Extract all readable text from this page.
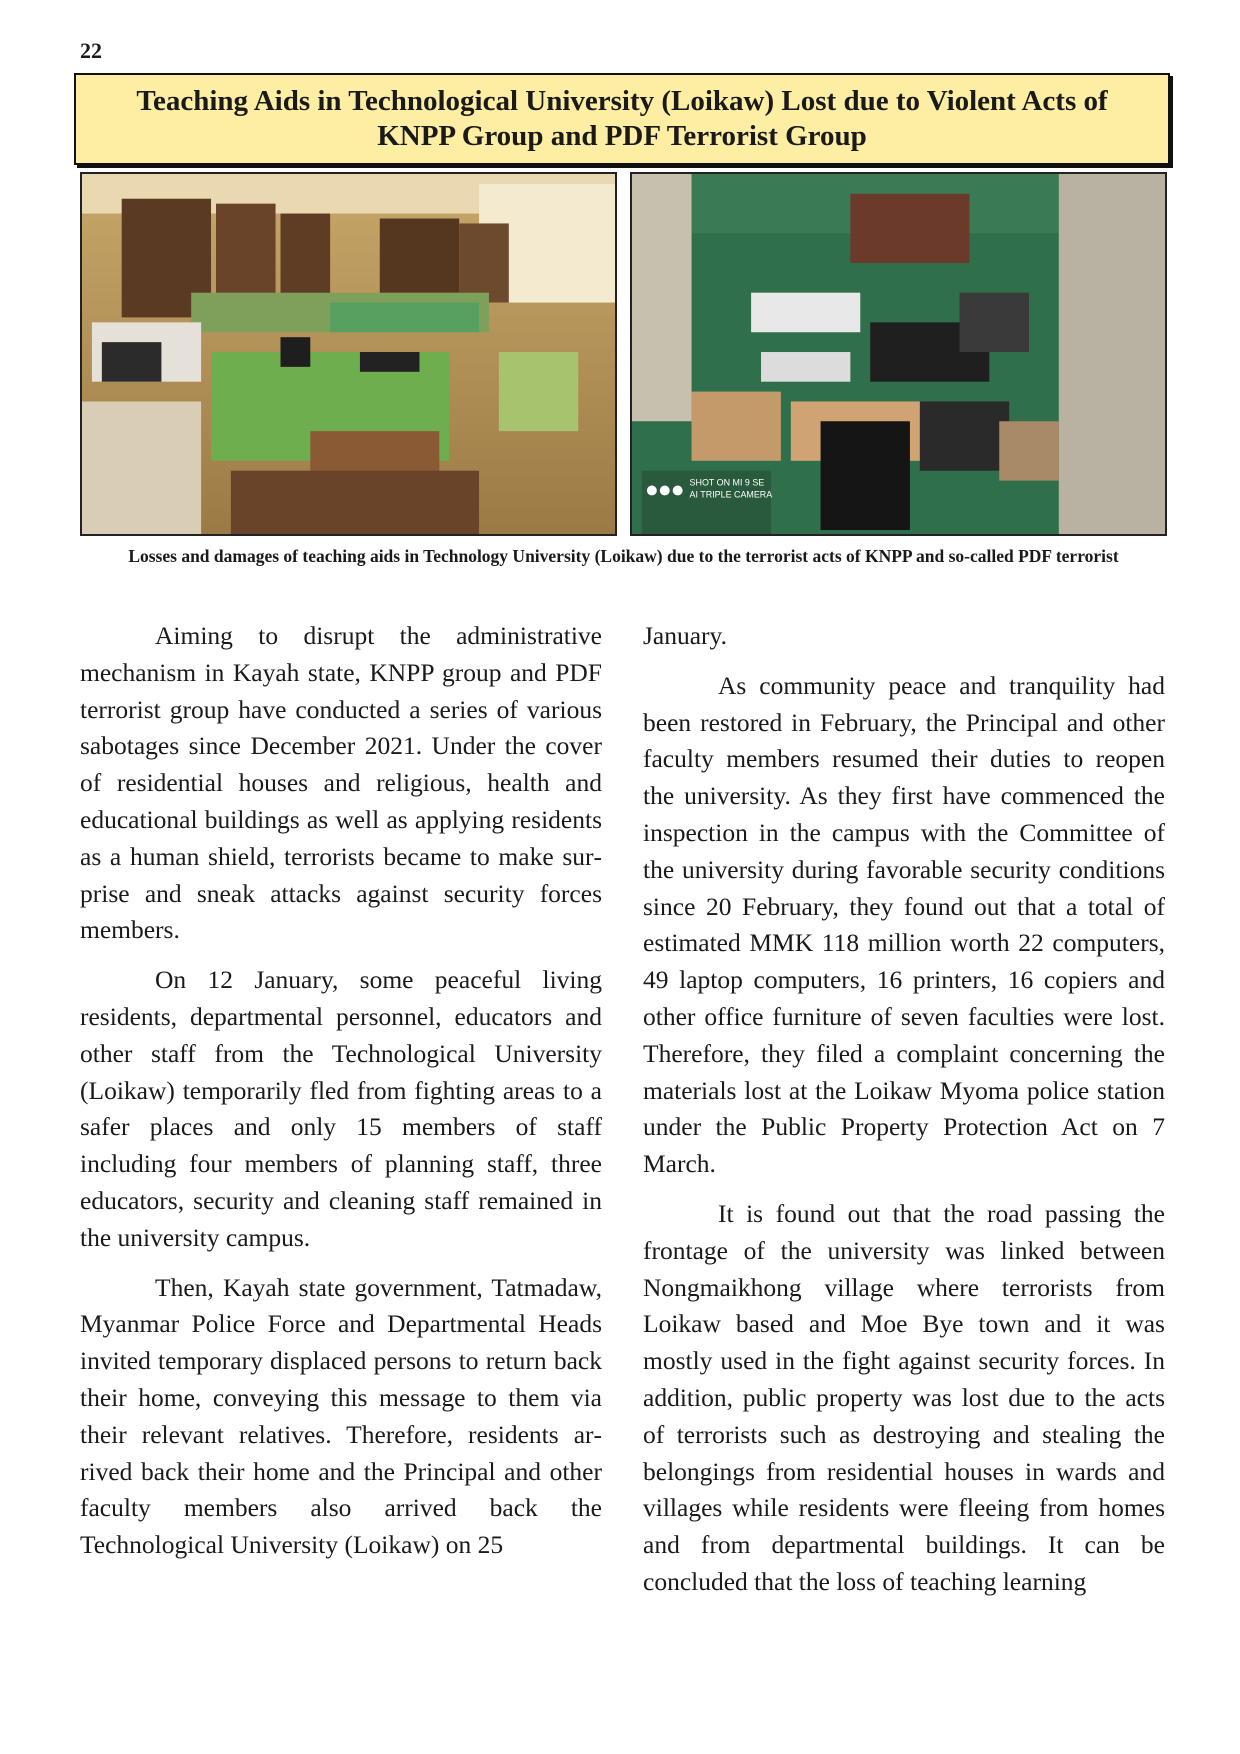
22
Teaching Aids in Technological University (Loikaw) Lost due to Violent Acts of KNPP Group and PDF Terrorist Group
SHOT ON MI 9 SE
AI TRIPLE CAMERA
Losses and damages of teaching aids in Technology University (Loikaw) due to the terrorist acts of KNPP and so-called PDF terrorist

Aiming to disrupt the administrative mechanism in Kayah state, KNPP group and PDF terrorist group have conducted a series of various sabotages since December 2021. Under the cover of residential houses and religious, health and educational buildings as well as applying residents as a human shield, terrorists became to make surprise and sneak attacks against security forces members.

On 12 January, some peaceful living residents, departmental personnel, educators and other staff from the Technological University (Loikaw) temporarily fled from fighting areas to a safer places and only 15 members of staff including four members of planning staff, three educators, security and cleaning staff remained in the university campus.

Then, Kayah state government, Tatmadaw, Myanmar Police Force and Departmental Heads invited temporary displaced persons to return back their home, conveying this message to them via their relevant relatives. Therefore, residents arrived back their home and the Principal and other faculty members also arrived back the Technological University (Loikaw) on 25

January.

As community peace and tranquility had been restored in February, the Principal and other faculty members resumed their duties to reopen the university. As they first have commenced the inspection in the campus with the Committee of the university during favorable security conditions since 20 February, they found out that a total of estimated MMK 118 million worth 22 computers, 49 laptop computers, 16 printers, 16 copiers and other office furniture of seven faculties were lost. Therefore, they filed a complaint concerning the materials lost at the Loikaw Myoma police station under the Public Property Protection Act on 7 March.

It is found out that the road passing the frontage of the university was linked between Nongmaikhong village where terrorists from Loikaw based and Moe Bye town and it was mostly used in the fight against security forces. In addition, public property was lost due to the acts of terrorists such as destroying and stealing the belongings from residential houses in wards and villages while residents were fleeing from homes and from departmental buildings. It can be concluded that the loss of teaching learning
